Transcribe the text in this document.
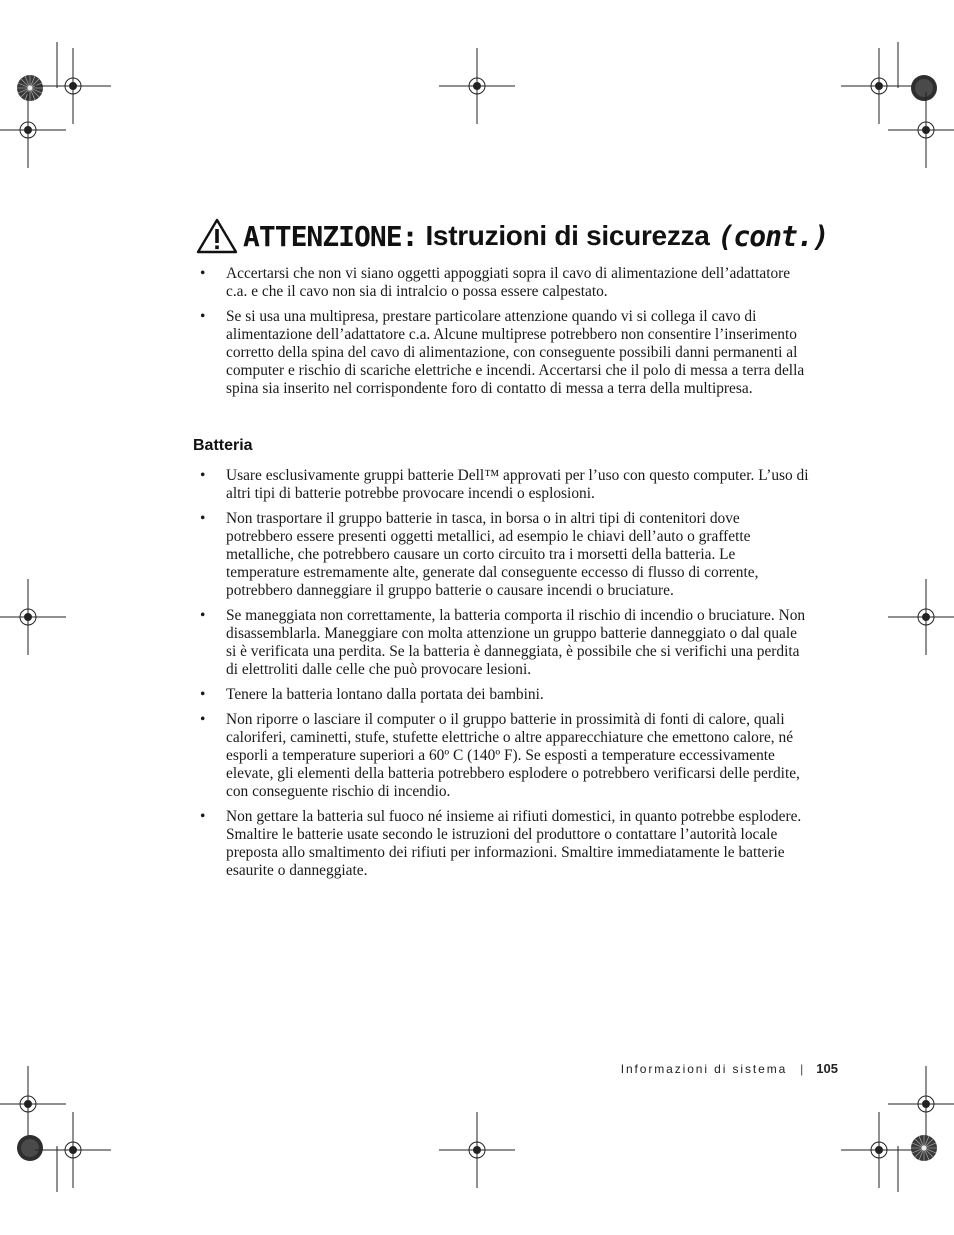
ATTENZIONE: Istruzioni di sicurezza (cont.)
• Accertarsi che non vi siano oggetti appoggiati sopra il cavo di alimentazione dell’adattatore c.a. e che il cavo non sia di intralcio o possa essere calpestato.
• Se si usa una multipresa, prestare particolare attenzione quando vi si collega il cavo di alimentazione dell’adattatore c.a. Alcune multiprese potrebbero non consentire l’inserimento corretto della spina del cavo di alimentazione, con conseguente possibili danni permanenti al computer e rischio di scariche elettriche e incendi. Accertarsi che il polo di messa a terra della spina sia inserito nel corrispondente foro di contatto di messa a terra della multipresa.
Batteria
• Usare esclusivamente gruppi batterie Dell™ approvati per l’uso con questo computer. L’uso di altri tipi di batterie potrebbe provocare incendi o esplosioni.
• Non trasportare il gruppo batterie in tasca, in borsa o in altri tipi di contenitori dove potrebbero essere presenti oggetti metallici, ad esempio le chiavi dell’auto o graffette metalliche, che potrebbero causare un corto circuito tra i morsetti della batteria. Le temperature estremamente alte, generate dal conseguente eccesso di flusso di corrente, potrebbero danneggiare il gruppo batterie o causare incendi o bruciature.
• Se maneggiata non correttamente, la batteria comporta il rischio di incendio o bruciature. Non disassemblarla. Maneggiare con molta attenzione un gruppo batterie danneggiato o dal quale si è verificata una perdita. Se la batteria è danneggiata, è possibile che si verifichi una perdita di elettroliti dalle celle che può provocare lesioni.
• Tenere la batteria lontano dalla portata dei bambini.
• Non riporre o lasciare il computer o il gruppo batterie in prossimità di fonti di calore, quali caloriferi, caminetti, stufe, stufette elettriche o altre apparecchiature che emettono calore, né esporli a temperature superiori a 60º C (140º F). Se esposti a temperature eccessivamente elevate, gli elementi della batteria potrebbero esplodere o potrebbero verificarsi delle perdite, con conseguente rischio di incendio.
• Non gettare la batteria sul fuoco né insieme ai rifiuti domestici, in quanto potrebbe esplodere. Smaltire le batterie usate secondo le istruzioni del produttore o contattare l’autorità locale preposta allo smaltimento dei rifiuti per informazioni. Smaltire immediatamente le batterie esaurite o danneggiate.
Informazioni di sistema | 105
